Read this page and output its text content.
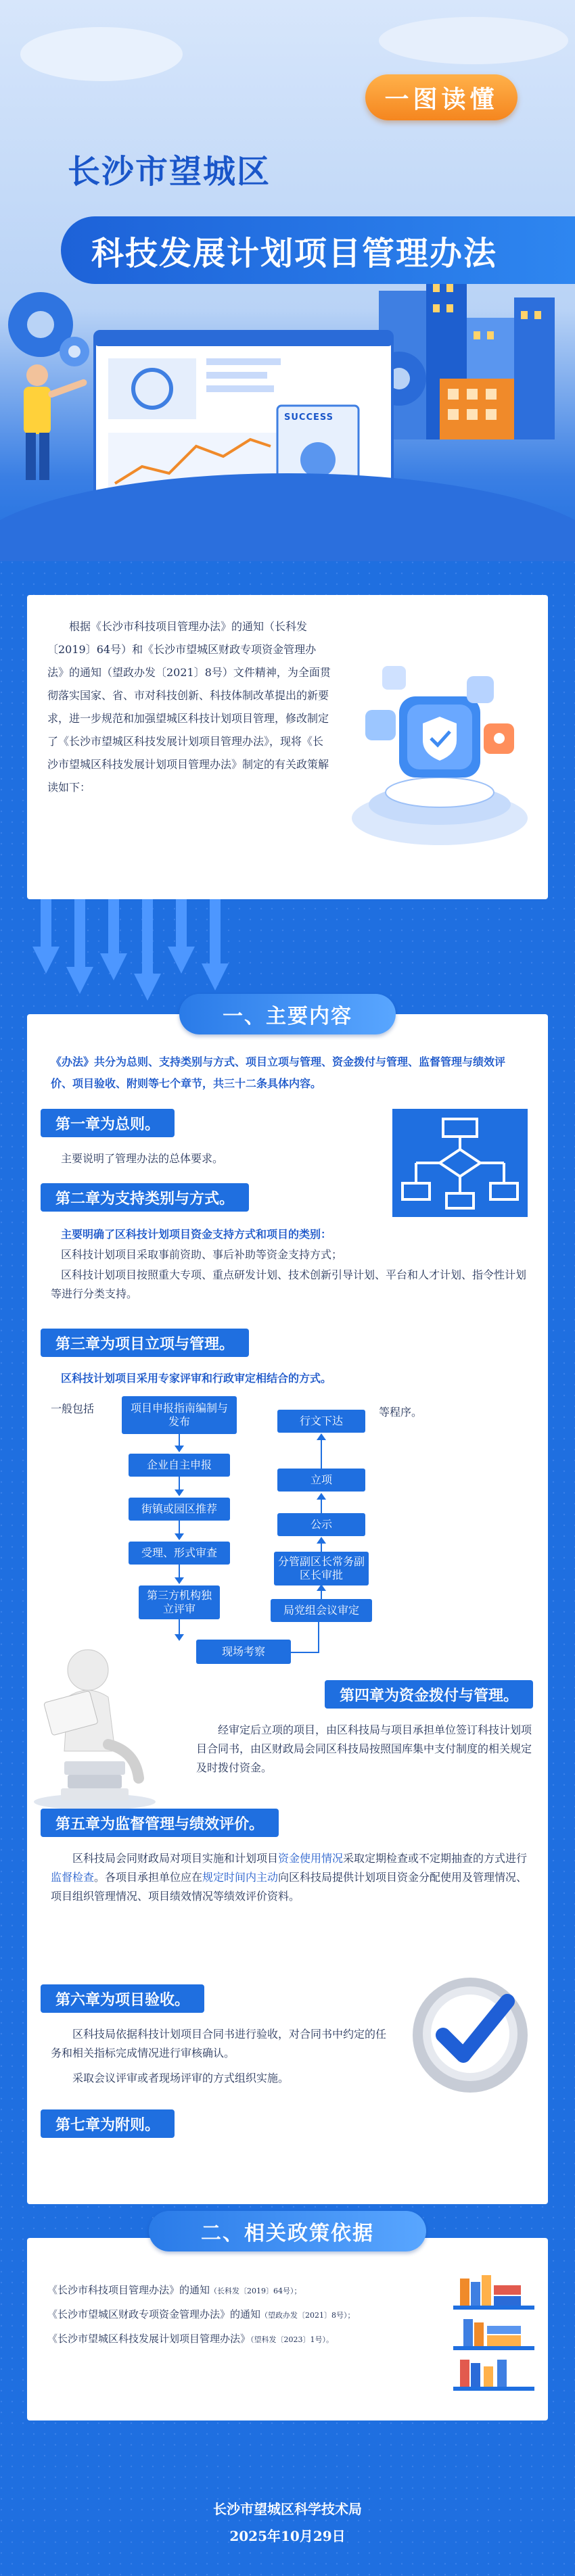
一图读懂
长沙市望城区
科技发展计划项目管理办法
SUCCESS
根据《长沙市科技项目管理办法》的通知（长科发〔2019〕64号）和《长沙市望城区财政专项资金管理办法》的通知（望政办发〔2021〕8号）文件精神，为全面贯彻落实国家、省、市对科技创新、科技体制改革提出的新要求，进一步规范和加强望城区科技计划项目管理，修改制定了《长沙市望城区科技发展计划项目管理办法》，现将《长沙市望城区科技发展计划项目管理办法》制定的有关政策解读如下：
一、主要内容
《办法》共分为总则、支持类别与方式、项目立项与管理、资金拨付与管理、监督管理与绩效评价、项目验收、附则等七个章节，共三十二条具体内容。
第一章为总则。
主要说明了管理办法的总体要求。
第二章为支持类别与方式。
主要明确了区科技计划项目资金支持方式和项目的类别：
区科技计划项目采取事前资助、事后补助等资金支持方式；
区科技计划项目按照重大专项、重点研发计划、技术创新引导计划、平台和人才计划、指令性计划等进行分类支持。
第三章为项目立项与管理。
区科技计划项目采用专家评审和行政审定相结合的方式。
一般包括	等程序。
项目申报指南编制与发布
企业自主申报
街镇或园区推荐
受理、形式审查
第三方机构独立评审
现场考察
局党组会议审定
分管副区长常务副区长审批
公示
立项
行文下达
第四章为资金拨付与管理。
经审定后立项的项目，由区科技局与项目承担单位签订科技计划项目合同书，由区财政局会同区科技局按照国库集中支付制度的相关规定及时拨付资金。
第五章为监督管理与绩效评价。
区科技局会同财政局对项目实施和计划项目资金使用情况采取定期检查或不定期抽查的方式进行监督检查。各项目承担单位应在规定时间内主动向区科技局提供计划项目资金分配使用及管理情况、项目组织管理情况、项目绩效情况等绩效评价资料。
第六章为项目验收。
区科技局依据科技计划项目合同书进行验收，对合同书中约定的任务和相关指标完成情况进行审核确认。
采取会议评审或者现场评审的方式组织实施。
第七章为附则。
二、相关政策依据
《长沙市科技项目管理办法》的通知（长科发〔2019〕64号）；
《长沙市望城区财政专项资金管理办法》的通知（望政办发〔2021〕8号）；
《长沙市望城区科技发展计划项目管理办法》（望科发〔2023〕1号）。
长沙市望城区科学技术局
2025年10月29日
